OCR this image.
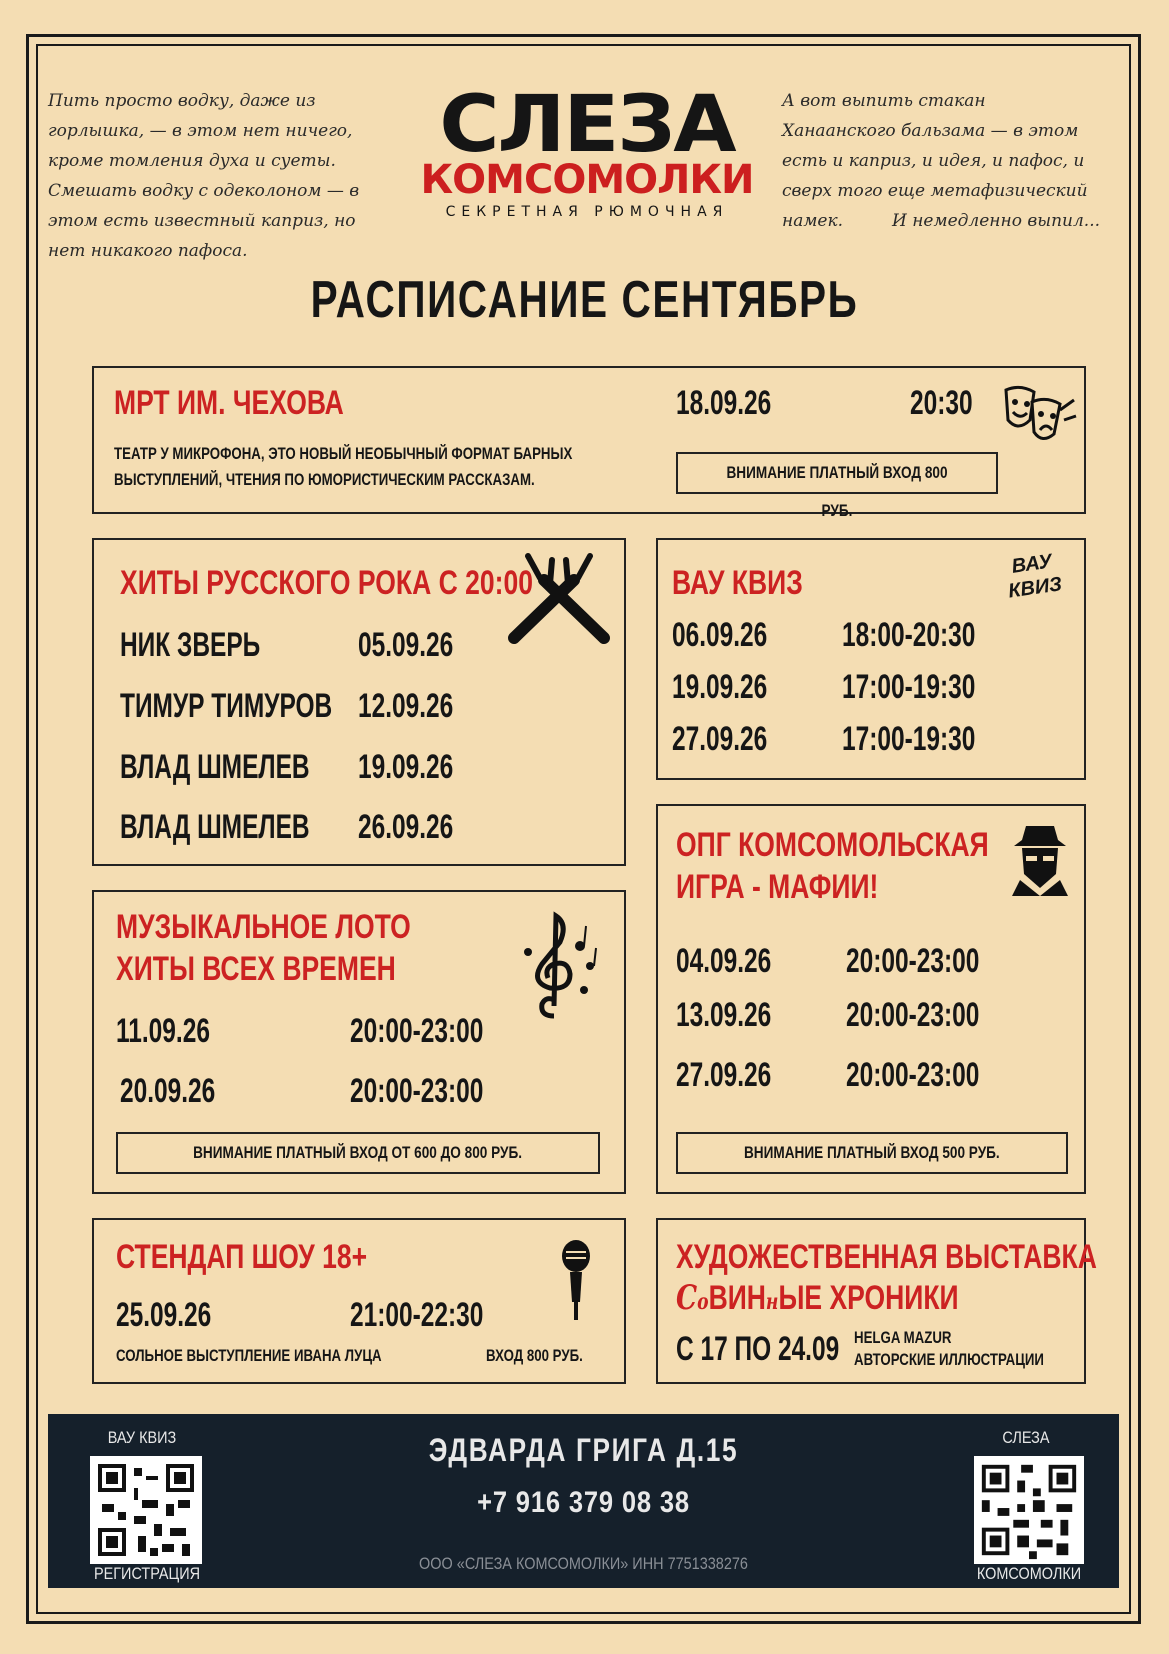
Пить просто водку, даже из
горлышка, — в этом нет ничего,
кроме томления духа и суеты.
Смешать водку с одеколоном — в
этом есть известный каприз, но
нет никакого пафоса.
А вот выпить стакан
Ханаанского бальзама — в этом
есть и каприз, и идея, и пафос, и
сверх того еще метафизический
намек.	И немедленно выпил...
СЛЕЗА
КОМСОМОЛКИ
СЕКРЕТНАЯ РЮМОЧНАЯ
РАСПИСАНИЕ СЕНТЯБРЬ
МРТ ИМ. ЧЕХОВА	18.09.26	20:30
ТЕАТР У МИКРОФОНА, ЭТО НОВЫЙ НЕОБЫЧНЫЙ ФОРМАТ БАРНЫХ
ВЫСТУПЛЕНИЙ, ЧТЕНИЯ ПО ЮМОРИСТИЧЕСКИМ РАССКАЗАМ.	ВНИМАНИЕ ПЛАТНЫЙ ВХОД 800 РУБ.
ХИТЫ РУССКОГО РОКА С 20:00
НИК ЗВЕРЬ	05.09.26
ТИМУР ТИМУРОВ 12.09.26
ВЛАД ШМЕЛЕВ 19.09.26
ВЛАД ШМЕЛЕВ 26.09.26
ВАУ КВИЗ	ВАУ
КВИЗ
06.09.26 18:00-20:30
19.09.26 17:00-19:30
27.09.26 17:00-19:30
МУЗЫКАЛЬНОЕ ЛОТО
ХИТЫ ВСЕХ ВРЕМЕН
11.09.26	20:00-23:00
20.09.26	20:00-23:00
ВНИМАНИЕ ПЛАТНЫЙ ВХОД ОТ 600 ДО 800 РУБ.
ОПГ КОМСОМОЛЬСКАЯ
ИГРА - МАФИИ!
04.09.26 20:00-23:00
13.09.26 20:00-23:00
27.09.26 20:00-23:00
ВНИМАНИЕ ПЛАТНЫЙ ВХОД 500 РУБ.
СТЕНДАП ШОУ 18+
25.09.26	21:00-22:30
СОЛЬНОЕ ВЫСТУПЛЕНИЕ ИВАНА ЛУЦА	ВХОД 800 РУБ.
ХУДОЖЕСТВЕННАЯ ВЫСТАВКА
СоВИНнЫЕ ХРОНИКИ
С 17 ПО 24.09 HELGA MAZUR
АВТОРСКИЕ ИЛЛЮСТРАЦИИ
ВАУ КВИЗ
РЕГИСТРАЦИЯ
ЭДВАРДА ГРИГА Д.15
+7 916 379 08 38
ООО «СЛЕЗА КОМСОМОЛКИ» ИНН 7751338276
СЛЕЗА
КОМСОМОЛКИ
